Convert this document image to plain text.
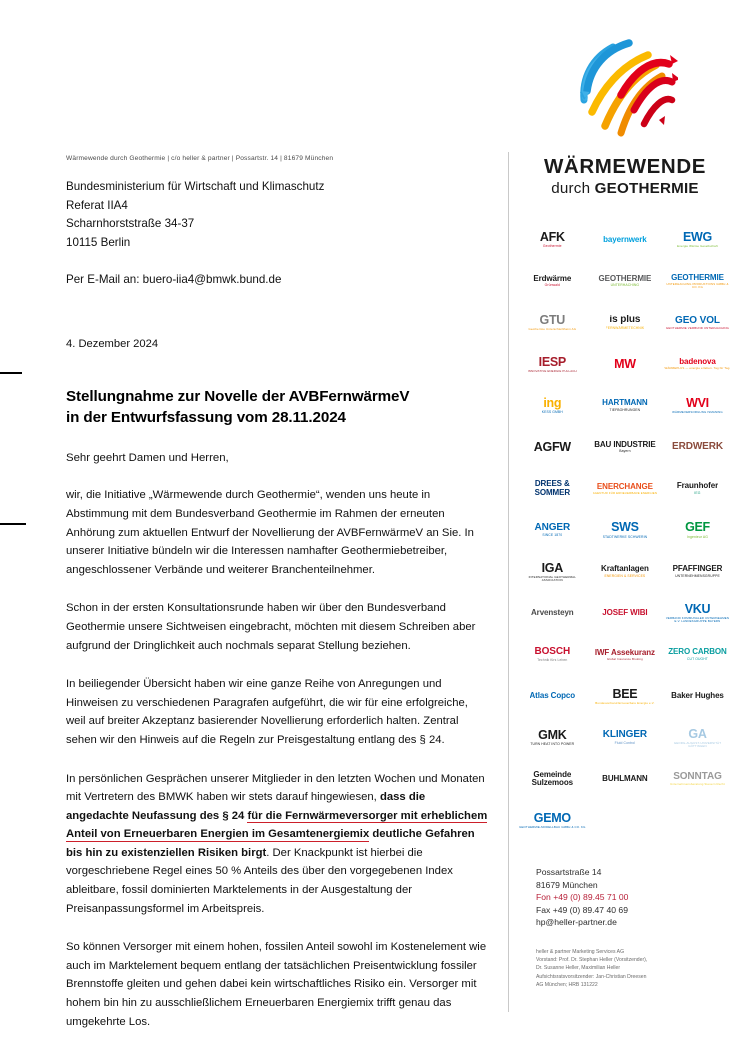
Wärmewende durch Geothermie | c/o heller & partner | Possartstr. 14 | 81679 München
Bundesministerium für Wirtschaft und Klimaschutz
Referat IIA4
Scharnhorststraße 34-37
10115 Berlin
Per E-Mail an: buero-iia4@bmwk.bund.de
4. Dezember 2024
Stellungnahme zur Novelle der AVBFernwärmeV
in der Entwurfsfassung vom 28.11.2024
Sehr geehrt Damen und Herren,

wir, die Initiative „Wärmewende durch Geothermie“, wenden uns heute in Abstimmung mit dem Bundesverband Geothermie im Rahmen der erneuten Anhörung zum aktuellen Entwurf der Novellierung der AVBFernwärmeV an Sie. In unserer Initiative bündeln wir die Interessen namhafter Geothermiebetreiber, angeschlossener Verbände und weiterer Branchenteilnehmer.

Schon in der ersten Konsultationsrunde haben wir über den Bundesverband Geothermie unsere Sichtweisen eingebracht, möchten mit diesem Schreiben aber aufgrund der Dringlichkeit auch nochmals separat Stellung beziehen.

In beiliegender Übersicht haben wir eine ganze Reihe von Anregungen und Hinweisen zu verschiedenen Paragrafen aufgeführt, die wir für eine erfolgreiche, weil auf breiter Akzeptanz basierender Novellierung erforderlich halten. Zentral sehen wir den Hinweis auf die Regeln zur Preisgestaltung entlang des § 24.

In persönlichen Gesprächen unserer Mitglieder in den letzten Wochen und Monaten mit Vertretern des BMWK haben wir stets darauf hingewiesen, dass die angedachte Neufassung des § 24 für die Fernwärmeversorger mit erheblichem Anteil von Erneuerbaren Energien im Gesamtenergiemix deutliche Gefahren bis hin zu existenziellen Risiken birgt. Der Knackpunkt ist hierbei die vorgeschriebene Regel eines 50 % Anteils des über den vorgegebenen Index ableitbare, fossil dominierten Marktelements in der Ausgestaltung der Preisanpassungsformel im Arbeitspreis.

So können Versorger mit einem hohen, fossilen Anteil sowohl im Kostenelement wie auch im Marktelement bequem entlang der tatsächlichen Preisentwicklung fossiler Brennstoffe gleiten und gehen dabei kein wirtschaftliches Risiko ein. Versorger mit hohem bin hin zu ausschließlichem Erneuerbaren Energiemix trifft genau das umgekehrte Los.

WÄRMEWENDE
durch GEOTHERMIE
AFK
Geothermie
bayernwerk	EWG
Energie Wärme Gesellschaft
Erdwärme
Grünwald
GEOTHERMIE
UNTERHACHING
GEOTHERMIE
UNTERHACHING PRODUKTIONS GMBH & CO. KG
GTU
Geothermie Unterschleißheim AG
is plus
FERNWÄRMETECHNIK
GEO VOL
GEOTHERMIE VERBUND UNTERHACHING
IESP
INNOVATIVE ENERGIE PULLACH	MW	badenova
WÄRMEPLUS — energie erleben. Tag für Tag.
ing
KESS GMBH
HARTMANN
TIEFBOHRUNGEN	WVI
WÄRMEVERSORGUNG ISMANING
AGFW	BAU INDUSTRIE
Bayern	ERDWERK
DREES & SOMMER
ENERCHANGE
AGENTUR FÜR ERNEUERBARE ENERGIEN
Fraunhofer
IEG
ANGER
SINCE 1870
SWS
STADTWERKE SCHWERIN
GEF
Ingenieur AG
IGA
INTERNATIONAL GEOTHERMAL ASSOCIATION
Kraftanlagen
ENERGIEN & SERVICES
PFAFFINGER
UNTERNEHMENSGRUPPE
Arvensteyn	JOSEF WIBI	VKU
VERBAND KOMMUNALER UNTERNEHMEN E.V. LANDESGRUPPE BAYERN
BOSCH
Technik fürs Leben
IWF Assekuranz
Global Insurance Broking
ZERO CARBON
CUT OUGHT
Atlas Copco	BEE
Bundesverband Erneuerbare Energie e.V.
Baker Hughes
GMK
TURN HEAT INTO POWER
KLINGER
Fluid Control
GA
GEORG-AUGUST-UNIVERSITÄT GÖTTINGEN
Gemeinde Sulzemoos	BUHLMANN	SONNTAG
Unternehmensberatung Steuern Recht
GEMO
GEOTHERMIE-MODELLBAU GMBH & CO. KG
Possartstraße 14
81679 München
Fon +49 (0) 89.45 71 00
Fax +49 (0) 89.47 40 69
hp@heller-partner.de
heller & partner Marketing Services AG
Vorstand: Prof. Dr. Stephan Heller (Vorsitzender),
Dr. Susanne Heller, Maximilian Heller
Aufsichtsratsvorsitzender: Jan-Christian Dreesen
AG München; HRB 131222
